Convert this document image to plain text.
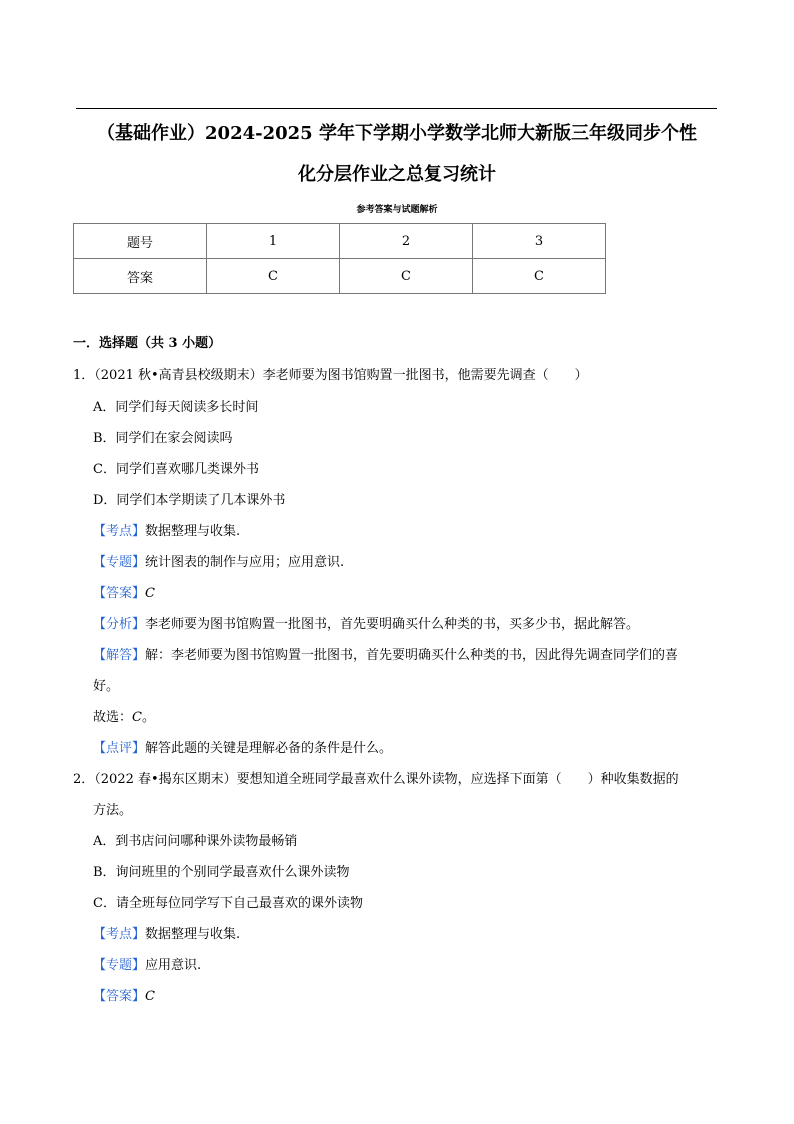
（基础作业）2024-2025 学年下学期小学数学北师大新版三年级同步个性
化分层作业之总复习统计
参考答案与试题解析
题号	1	2	3
答案	C	C	C
一．选择题（共 3 小题）
1．（2021 秋•高青县校级期末）李老师要为图书馆购置一批图书，他需要先调查（　　）
A．同学们每天阅读多长时间
B．同学们在家会阅读吗
C．同学们喜欢哪几类课外书
D．同学们本学期读了几本课外书
【考点】数据整理与收集.
【专题】统计图表的制作与应用；应用意识.
【答案】C
【分析】李老师要为图书馆购置一批图书，首先要明确买什么种类的书，买多少书，据此解答。
【解答】解：李老师要为图书馆购置一批图书，首先要明确买什么种类的书，因此得先调查同学们的喜
好。
故选：C。
【点评】解答此题的关键是理解必备的条件是什么。
2．（2022 春•揭东区期末）要想知道全班同学最喜欢什么课外读物，应选择下面第（　　）种收集数据的
方法。
A．到书店问问哪种课外读物最畅销
B．询问班里的个别同学最喜欢什么课外读物
C．请全班每位同学写下自己最喜欢的课外读物
【考点】数据整理与收集.
【专题】应用意识.
【答案】C
